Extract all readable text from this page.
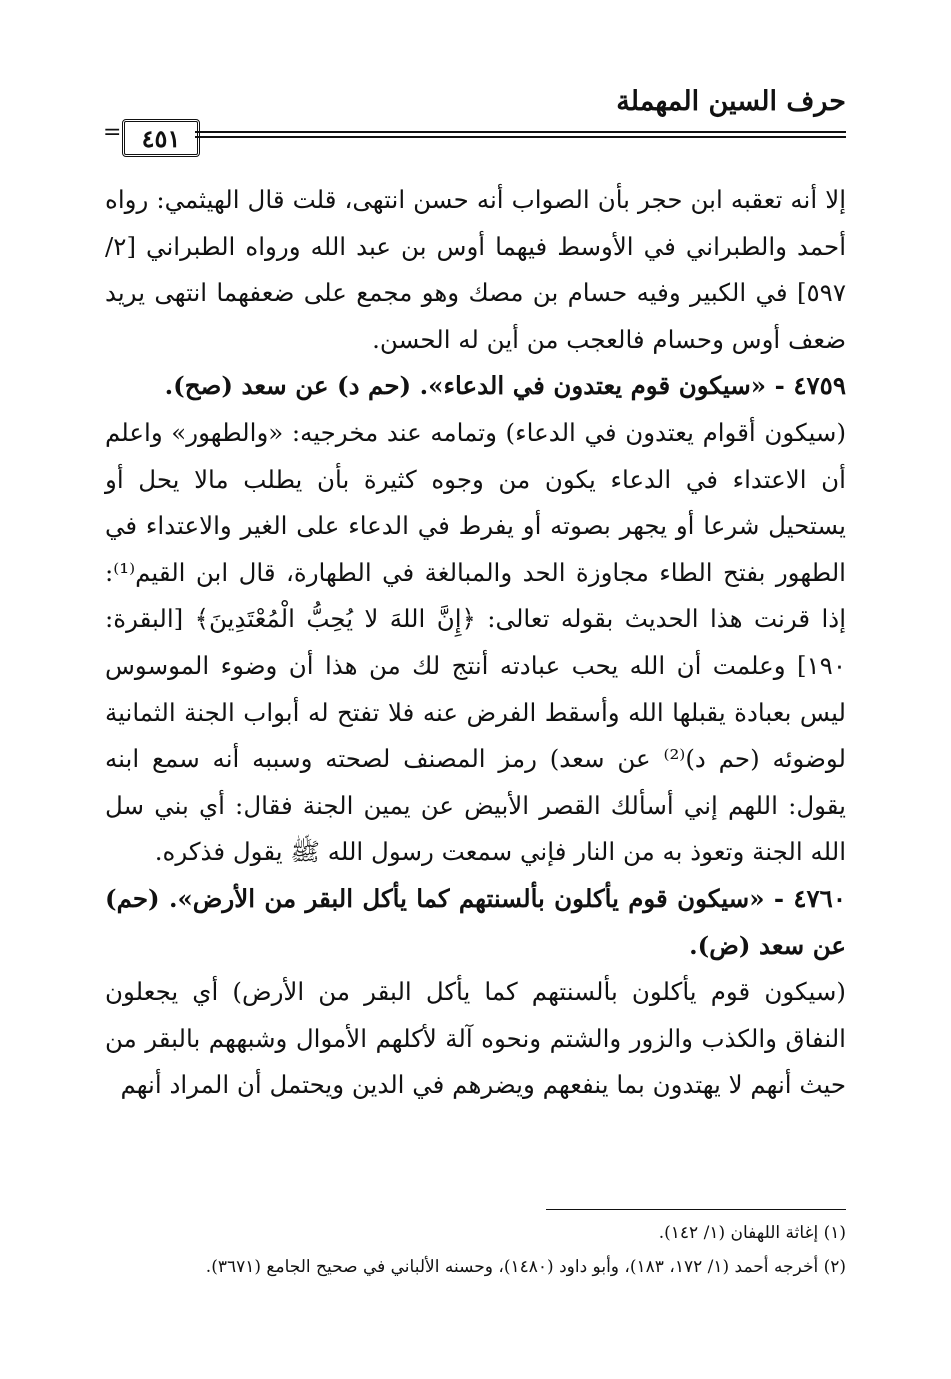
حرف السين المهملة
٤٥١
=

إلا أنه تعقبه ابن حجر بأن الصواب أنه حسن انتهى، قلت قال الهيثمي: رواه أحمد والطبراني في الأوسط فيهما أوس بن عبد الله ورواه الطبراني [٢/ ٥٩٧] في الكبير وفيه حسام بن مصك وهو مجمع على ضعفهما انتهى يريد ضعف أوس وحسام فالعجب من أين له الحسن.

٤٧٥٩ - «سيكون قوم يعتدون في الدعاء». (حم د) عن سعد (صح).

(سيكون أقوام يعتدون في الدعاء) وتمامه عند مخرجيه: «والطهور» واعلم أن الاعتداء في الدعاء يكون من وجوه كثيرة بأن يطلب مالا يحل أو يستحيل شرعا أو يجهر بصوته أو يفرط في الدعاء على الغير والاعتداء في الطهور بفتح الطاء مجاوزة الحد والمبالغة في الطهارة، قال ابن القيم⁽¹⁾: إذا قرنت هذا الحديث بقوله تعالى: ﴿إِنَّ اللهَ لا يُحِبُّ الْمُعْتَدِينَ﴾ [البقرة: ١٩٠] وعلمت أن الله يحب عبادته أنتج لك من هذا أن وضوء الموسوس ليس بعبادة يقبلها الله وأسقط الفرض عنه فلا تفتح له أبواب الجنة الثمانية لوضوئه (حم د)⁽²⁾ عن سعد) رمز المصنف لصحته وسببه أنه سمع ابنه يقول: اللهم إني أسألك القصر الأبيض عن يمين الجنة فقال: أي بني سل الله الجنة وتعوذ به من النار فإني سمعت رسول الله ﷺ يقول فذكره.

٤٧٦٠ - «سيكون قوم يأكلون بألسنتهم كما يأكل البقر من الأرض». (حم) عن سعد (ض).

(سيكون قوم يأكلون بألسنتهم كما يأكل البقر من الأرض) أي يجعلون النفاق والكذب والزور والشتم ونحوه آلة لأكلهم الأموال وشبههم بالبقر من حيث أنهم لا يهتدون بما ينفعهم ويضرهم في الدين ويحتمل أن المراد أنهم

(١) إغاثة اللهفان (١/ ١٤٢).

(٢) أخرجه أحمد (١/ ١٧٢، ١٨٣)، وأبو داود (١٤٨٠)، وحسنه الألباني في صحيح الجامع (٣٦٧١).
